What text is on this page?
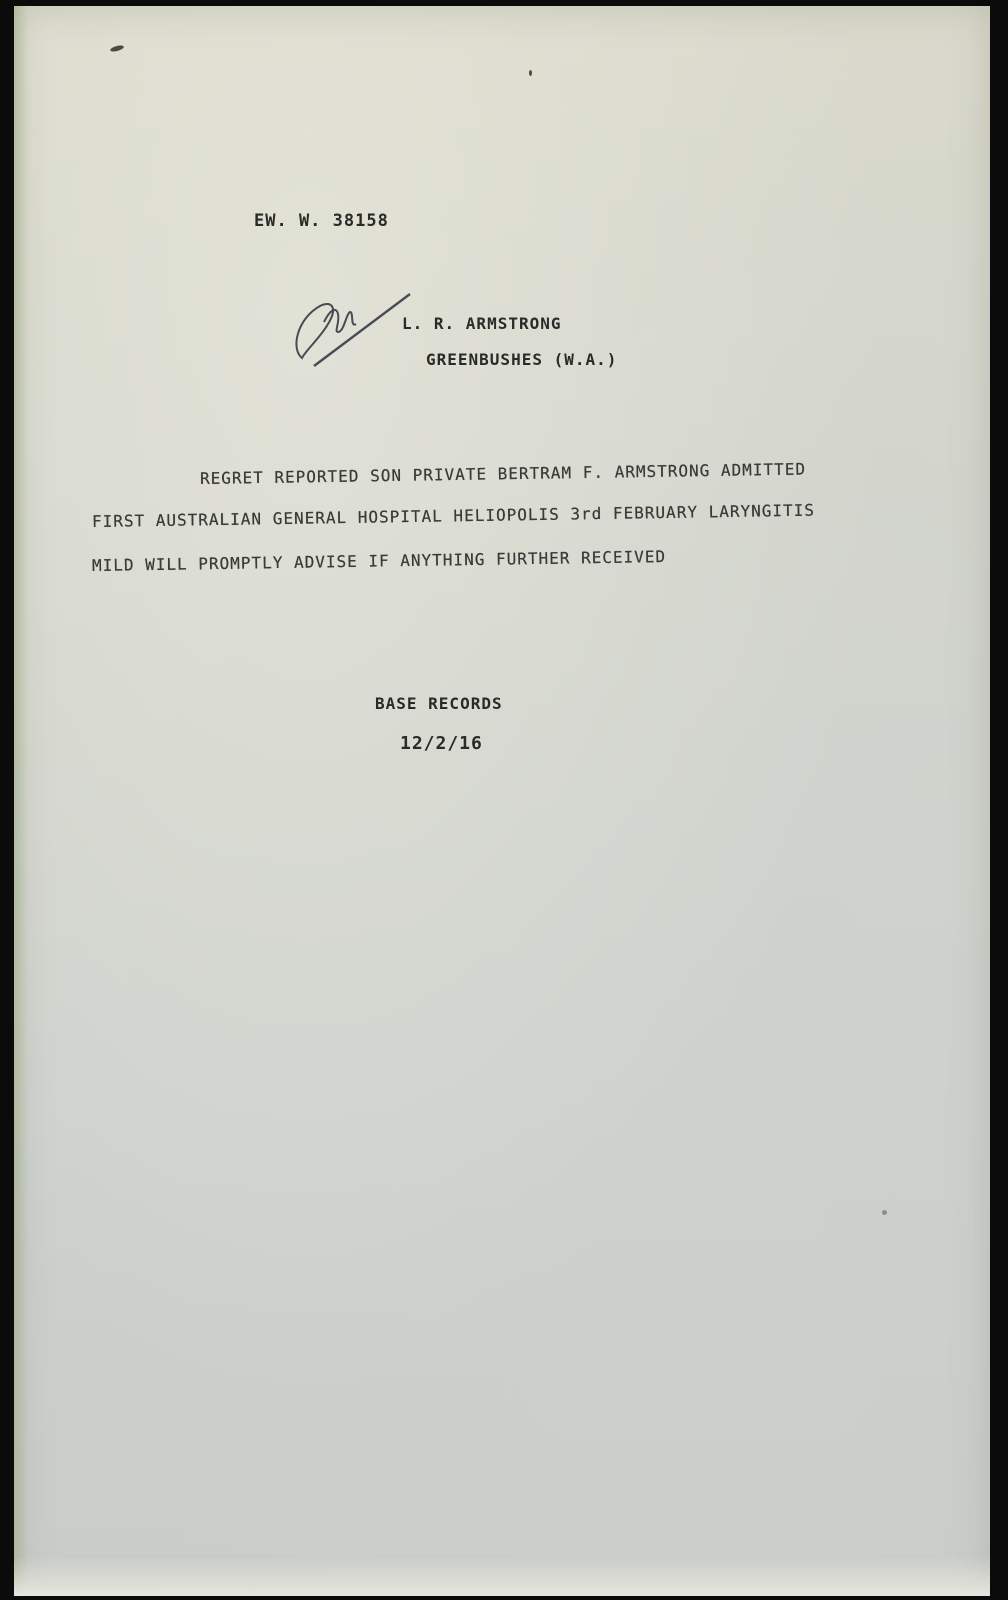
EW. W. 38158
L. R. ARMSTRONG
GREENBUSHES (W.A.)
REGRET REPORTED SON PRIVATE BERTRAM F. ARMSTRONG ADMITTED
FIRST AUSTRALIAN GENERAL HOSPITAL HELIOPOLIS 3rd FEBRUARY LARYNGITIS
MILD WILL PROMPTLY ADVISE IF ANYTHING FURTHER RECEIVED
BASE RECORDS
12/2/16
